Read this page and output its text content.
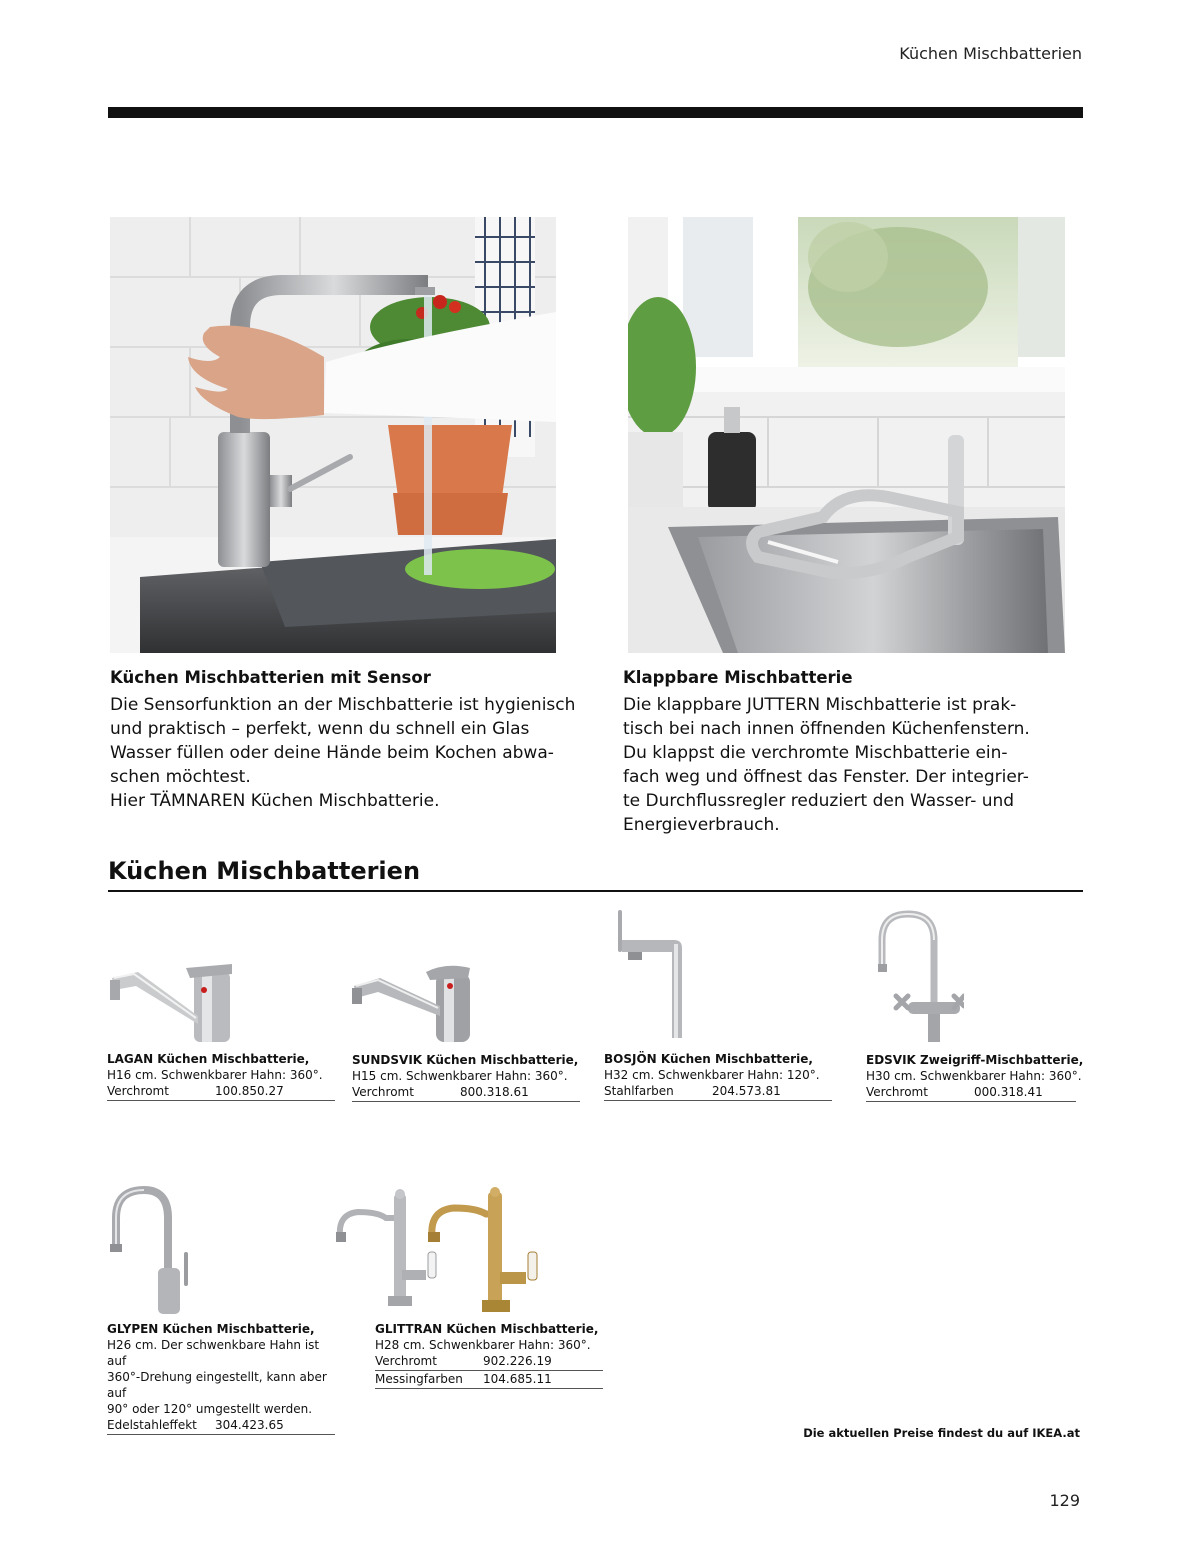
Küchen Mischbatterien
Küchen Mischbatterien mit Sensor

Die Sensorfunktion an der Mischbatterie ist hygienisch

und praktisch – perfekt, wenn du schnell ein Glas

Wasser füllen oder deine Hände beim Kochen abwa-

schen möchtest.

Hier TÄMNAREN Küchen Mischbatterie.

Klappbare Mischbatterie

Die klappbare JUTTERN Mischbatterie ist prak-

tisch bei nach innen öffnenden Küchenfenstern.

Du klappst die verchromte Mischbatterie ein-

fach weg und öffnest das Fenster. Der integrier-

te Durchflussregler reduziert den Wasser- und

Energieverbrauch.

Küchen Mischbatterien
LAGAN Küchen Mischbatterie,
H16 cm. Schwenkbarer Hahn: 360°.
Verchromt	100.850.27
SUNDSVIK Küchen Mischbatterie,
H15 cm. Schwenkbarer Hahn: 360°.
Verchromt	800.318.61
BOSJÖN Küchen Mischbatterie,
H32 cm. Schwenkbarer Hahn: 120°.
Stahlfarben	204.573.81
EDSVIK Zweigriff-Mischbatterie,
H30 cm. Schwenkbarer Hahn: 360°.
Verchromt	000.318.41
GLYPEN Küchen Mischbatterie,
H26 cm. Der schwenkbare Hahn ist auf
360°-Drehung eingestellt, kann aber auf
90° oder 120° umgestellt werden.
Edelstahleffekt	304.423.65
GLITTRAN Küchen Mischbatterie,
H28 cm. Schwenkbarer Hahn: 360°.
Verchromt	902.226.19
Messingfarben	104.685.11
Die aktuellen Preise findest du auf IKEA.at
129
